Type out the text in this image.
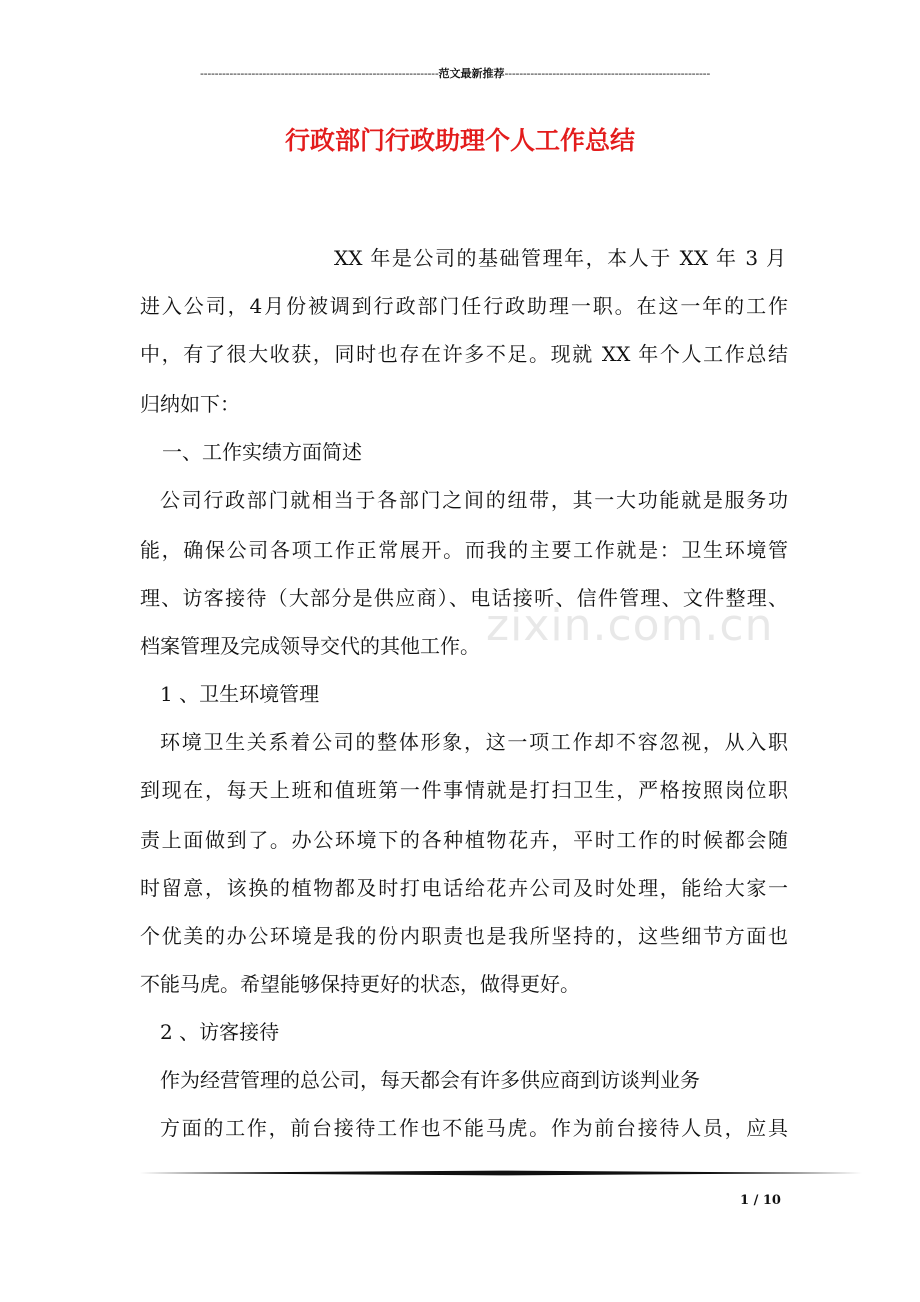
-----------------------------------------------------------------范文最新推荐--------------------------------------------------------
行政部门行政助理个人工作总结
zixin.com.cn
XX 年是公司的基础管理年，本人于 XX 年 3 月
进入公司，4月份被调到行政部门任行政助理一职。在这一年的工作
中，有了很大收获，同时也存在许多不足。现就 XX 年个人工作总结
归纳如下：
一、工作实绩方面简述
公司行政部门就相当于各部门之间的纽带，其一大功能就是服务功
能，确保公司各项工作正常展开。而我的主要工作就是：卫生环境管
理、访客接待（大部分是供应商）、电话接听、信件管理、文件整理、
档案管理及完成领导交代的其他工作。
1 、卫生环境管理
环境卫生关系着公司的整体形象，这一项工作却不容忽视，从入职
到现在，每天上班和值班第一件事情就是打扫卫生，严格按照岗位职
责上面做到了。办公环境下的各种植物花卉，平时工作的时候都会随
时留意，该换的植物都及时打电话给花卉公司及时处理，能给大家一
个优美的办公环境是我的份内职责也是我所坚持的，这些细节方面也
不能马虎。希望能够保持更好的状态，做得更好。
2 、访客接待
作为经营管理的总公司，每天都会有许多供应商到访谈判业务
方面的工作，前台接待工作也不能马虎。作为前台接待人员，应具
1 / 10
